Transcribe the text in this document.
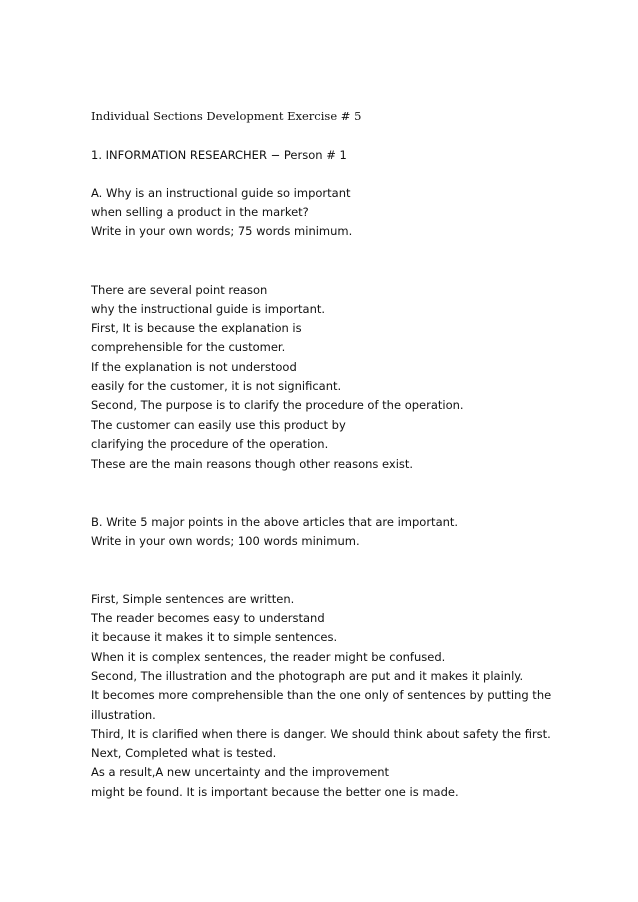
Individual Sections Development Exercise # 5
1. INFORMATION RESEARCHER − Person # 1
A. Why is an instructional guide so important
when selling a product in the market?
Write in your own words; 75 words minimum.
There are several point reason
why the instructional guide is important.
First, It is because the explanation is
comprehensible for the customer.
If the explanation is not understood
easily for the customer, it is not significant.
Second, The purpose is to clarify the procedure of the operation.
The customer can easily use this product by
clarifying the procedure of the operation.
These are the main reasons though other reasons exist.
B. Write 5 major points in the above articles that are important.
Write in your own words; 100 words minimum.
First, Simple sentences are written.
The reader becomes easy to understand
it because it makes it to simple sentences.
When it is complex sentences, the reader might be confused.
Second, The illustration and the photograph are put and it makes it plainly.
It becomes more comprehensible than the one only of sentences by putting the
illustration.
Third, It is clarified when there is danger. We should think about safety the first.
Next, Completed what is tested.
As a result,A new uncertainty and the improvement
might be found. It is important because the better one is made.
